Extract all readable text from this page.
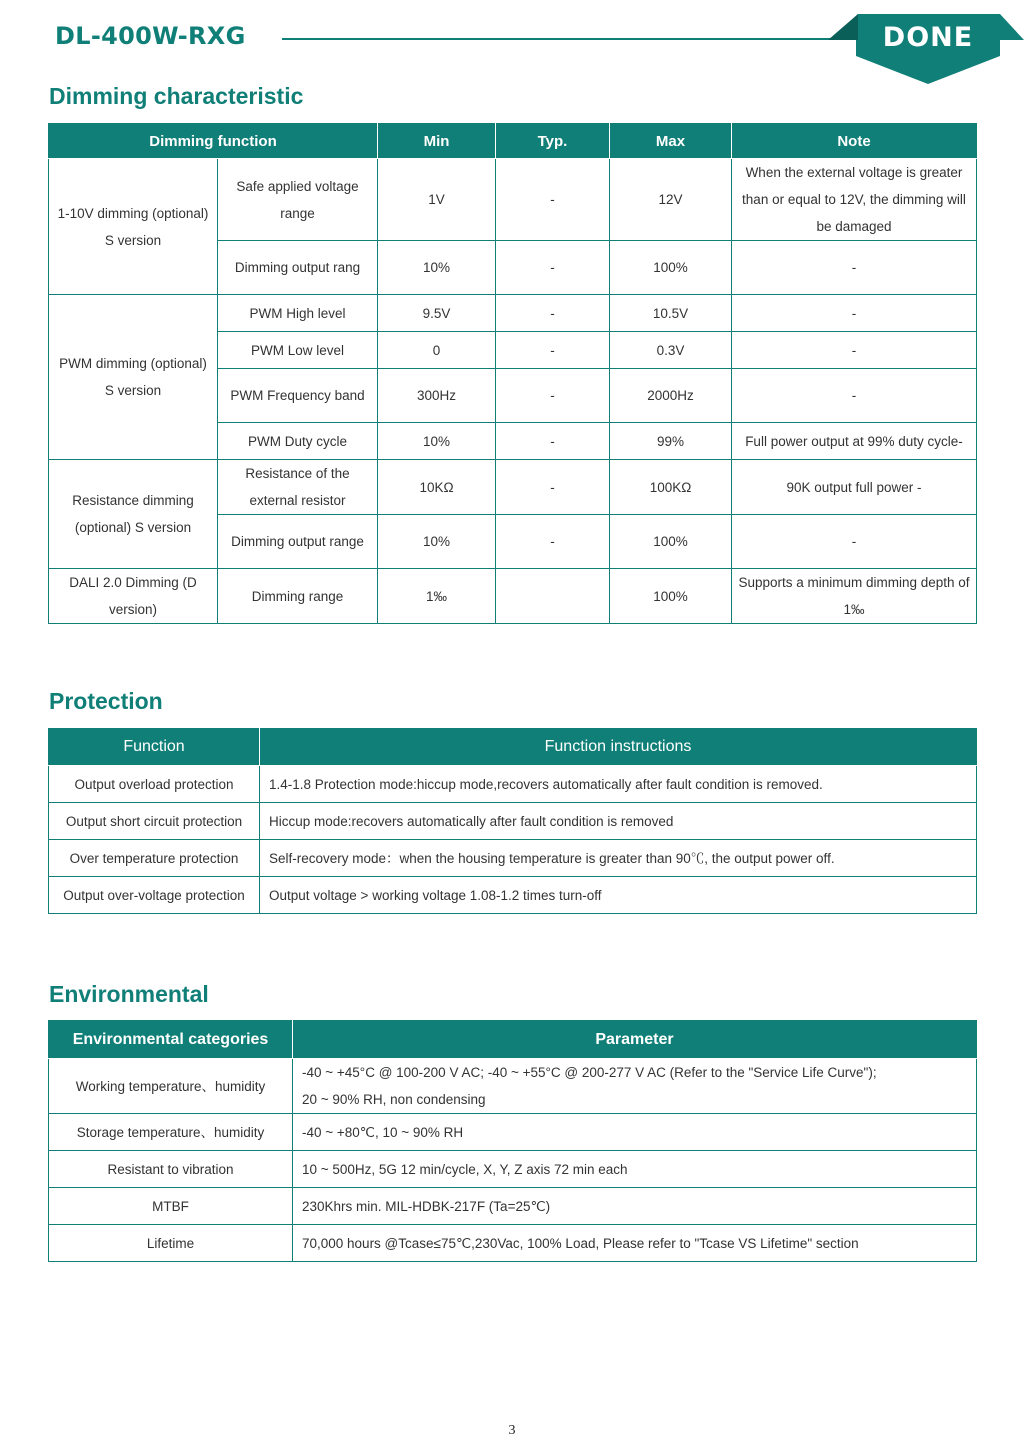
DL-400W-RXG	DONE
Dimming characteristic
Dimming function		Min	Typ.	Max	Note
1-10V dimming (optional) S version	Safe applied voltage range	1V	-	12V	When the external voltage is greater than or equal to 12V, the dimming will be damaged
	Dimming output rang	10%	-	100%	-
PWM dimming (optional) S version	PWM High level	9.5V	-	10.5V	-
	PWM Low level	0	-	0.3V	-
	PWM Frequency band	300Hz	-	2000Hz	-
	PWM Duty cycle	10%	-	99%	Full power output at 99% duty cycle-
Resistance dimming (optional) S version	Resistance of the external resistor	10KΩ	-	100KΩ	90K output full power -
	Dimming output range	10%	-	100%	-
DALI 2.0 Dimming (D version)	Dimming range	1‰		100%	Supports a minimum dimming depth of 1‰
Protection
Function	Function instructions
Output overload protection	1.4-1.8 Protection mode:hiccup mode,recovers automatically after fault condition is removed.
Output short circuit protection	Hiccup mode:recovers automatically after fault condition is removed
Over temperature protection	Self-recovery mode：when the housing temperature is greater than 90℃, the output power off.
Output over-voltage protection	Output voltage > working voltage 1.08-1.2 times turn-off
Environmental
Environmental categories	Parameter
Working temperature、humidity	-40 ~ +45°C @ 100-200 V AC; -40 ~ +55°C @ 200-277 V AC (Refer to the "Service Life Curve");
20 ~ 90% RH, non condensing

Storage temperature、humidity	-40 ~ +80℃, 10 ~ 90% RH
Resistant to vibration	10 ~ 500Hz, 5G 12 min/cycle, X, Y, Z axis 72 min each
MTBF	230Khrs min. MIL-HDBK-217F (Ta=25℃)
Lifetime	70,000 hours @Tcase≤75℃,230Vac, 100% Load, Please refer to "Tcase VS Lifetime" section
3
